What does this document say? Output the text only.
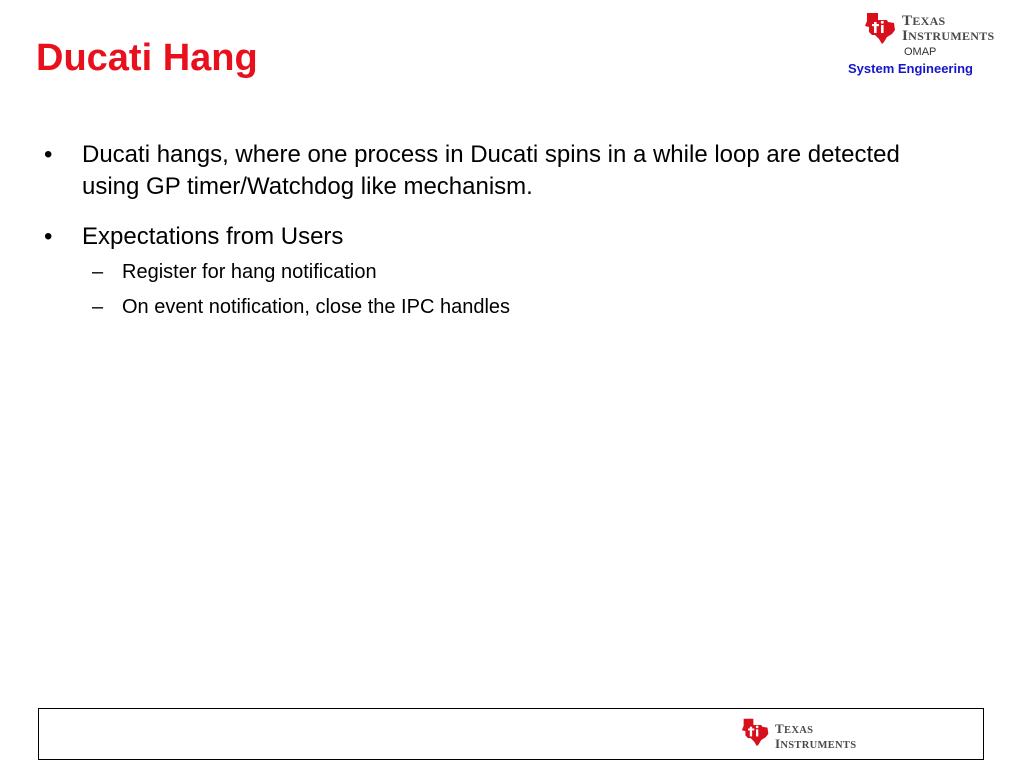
Ducati Hang
TEXAS
INSTRUMENTS
OMAP
System Engineering
• Ducati hangs, where one process in Ducati spins in a while loop are detected
using GP timer/Watchdog like mechanism.
• Expectations from Users
– Register for hang notification
– On event notification, close the IPC handles
TEXAS
INSTRUMENTS
